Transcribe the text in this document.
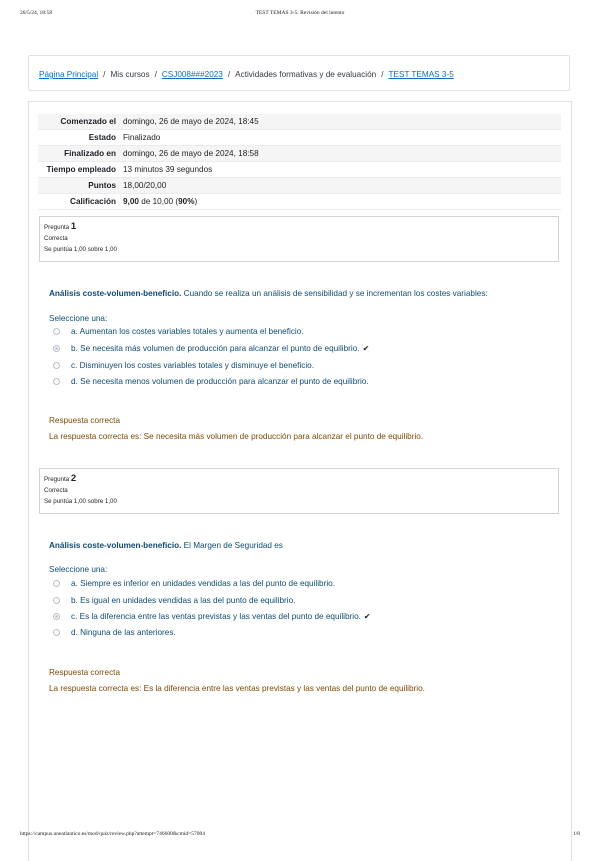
26/5/24, 18:58	TEST TEMAS 3-5: Revisión del intento
Página Principal / Mis cursos / CSJ008###2023 / Actividades formativas y de evaluación / TEST TEMAS 3-5
Comenzado el	domingo, 26 de mayo de 2024, 18:45
Estado	Finalizado
Finalizado en	domingo, 26 de mayo de 2024, 18:58
Tiempo empleado	13 minutos 39 segundos
Puntos	18,00/20,00
Calificación	9,00 de 10,00 (90%)
Pregunta 1
Correcta
Se puntúa 1,00 sobre 1,00
Análisis coste-volumen-beneficio. Cuando se realiza un análisis de sensibilidad y se incrementan los costes variables:
Seleccione una:
a. Aumentan los costes variables totales y aumenta el beneficio.
b. Se necesita más volumen de producción para alcanzar el punto de equilibrio. ✔
c. Disminuyen los costes variables totales y disminuye el beneficio.
d. Se necesita menos volumen de producción para alcanzar el punto de equilibrio.
Respuesta correcta
La respuesta correcta es: Se necesita más volumen de producción para alcanzar el punto de equilibrio.
Pregunta 2
Correcta
Se puntúa 1,00 sobre 1,00
Análisis coste-volumen-beneficio. El Margen de Seguridad es
Seleccione una:
a. Siempre es inferior en unidades vendidas a las del punto de equilibrio.
b. Es igual en unidades vendidas a las del punto de equilibrio.
c. Es la diferencia entre las ventas previstas y las ventas del punto de equilibrio. ✔
d. Ninguna de las anteriores.
Respuesta correcta
La respuesta correcta es: Es la diferencia entre las ventas previstas y las ventas del punto de equilibrio.
https://campus.uneatlantico.es/mod/quiz/review.php?attempt=746608&cmid=57004	1/8
